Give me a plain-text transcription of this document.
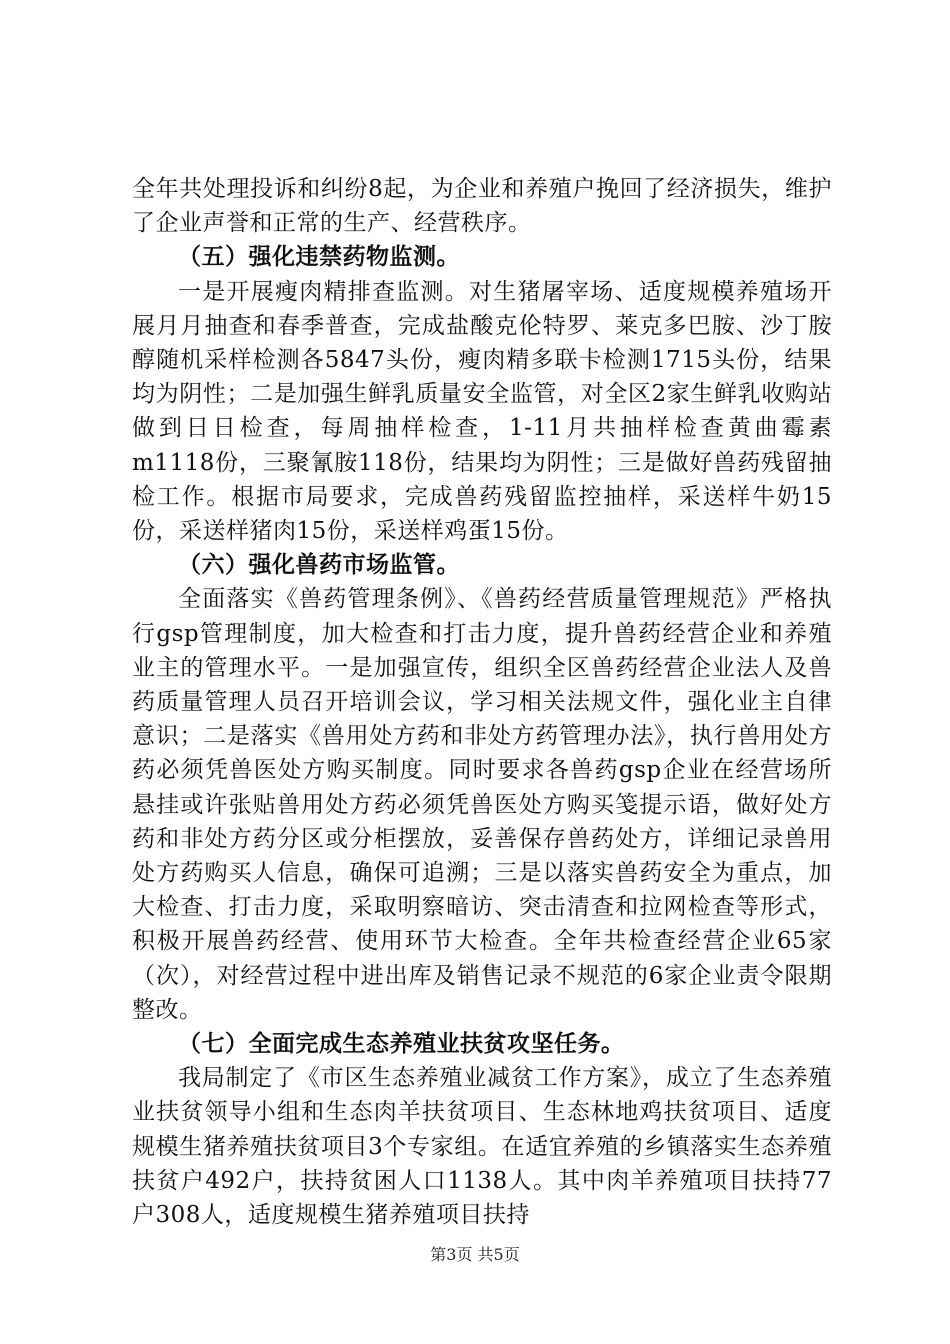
全年共处理投诉和纠纷8起，为企业和养殖户挽回了经济损失，维护了企业声誉和正常的生产、经营秩序。

（五）强化违禁药物监测。

一是开展瘦肉精排查监测。对生猪屠宰场、适度规模养殖场开展月月抽查和春季普查，完成盐酸克伦特罗、莱克多巴胺、沙丁胺醇随机采样检测各5847头份，瘦肉精多联卡检测1715头份，结果均为阴性；二是加强生鲜乳质量安全监管，对全区2家生鲜乳收购站做到日日检查，每周抽样检查，1-11月共抽样检查黄曲霉素m1118份，三聚氰胺118份，结果均为阴性；三是做好兽药残留抽检工作。根据市局要求，完成兽药残留监控抽样，采送样牛奶15份，采送样猪肉15份，采送样鸡蛋15份。

（六）强化兽药市场监管。

全面落实《兽药管理条例》、《兽药经营质量管理规范》严格执行gsp管理制度，加大检查和打击力度，提升兽药经营企业和养殖业主的管理水平。一是加强宣传，组织全区兽药经营企业法人及兽药质量管理人员召开培训会议，学习相关法规文件，强化业主自律意识；二是落实《兽用处方药和非处方药管理办法》，执行兽用处方药必须凭兽医处方购买制度。同时要求各兽药gsp企业在经营场所悬挂或许张贴兽用处方药必须凭兽医处方购买笺提示语，做好处方药和非处方药分区或分柜摆放，妥善保存兽药处方，详细记录兽用处方药购买人信息，确保可追溯；三是以落实兽药安全为重点，加大检查、打击力度，采取明察暗访、突击清查和拉网检查等形式，积极开展兽药经营、使用环节大检查。全年共检查经营企业65家（次），对经营过程中进出库及销售记录不规范的6家企业责令限期整改。

（七）全面完成生态养殖业扶贫攻坚任务。

我局制定了《市区生态养殖业减贫工作方案》，成立了生态养殖业扶贫领导小组和生态肉羊扶贫项目、生态林地鸡扶贫项目、适度规模生猪养殖扶贫项目3个专家组。在适宜养殖的乡镇落实生态养殖扶贫户492户，扶持贫困人口1138人。其中肉羊养殖项目扶持77户308人，适度规模生猪养殖项目扶持

第3页 共5页
